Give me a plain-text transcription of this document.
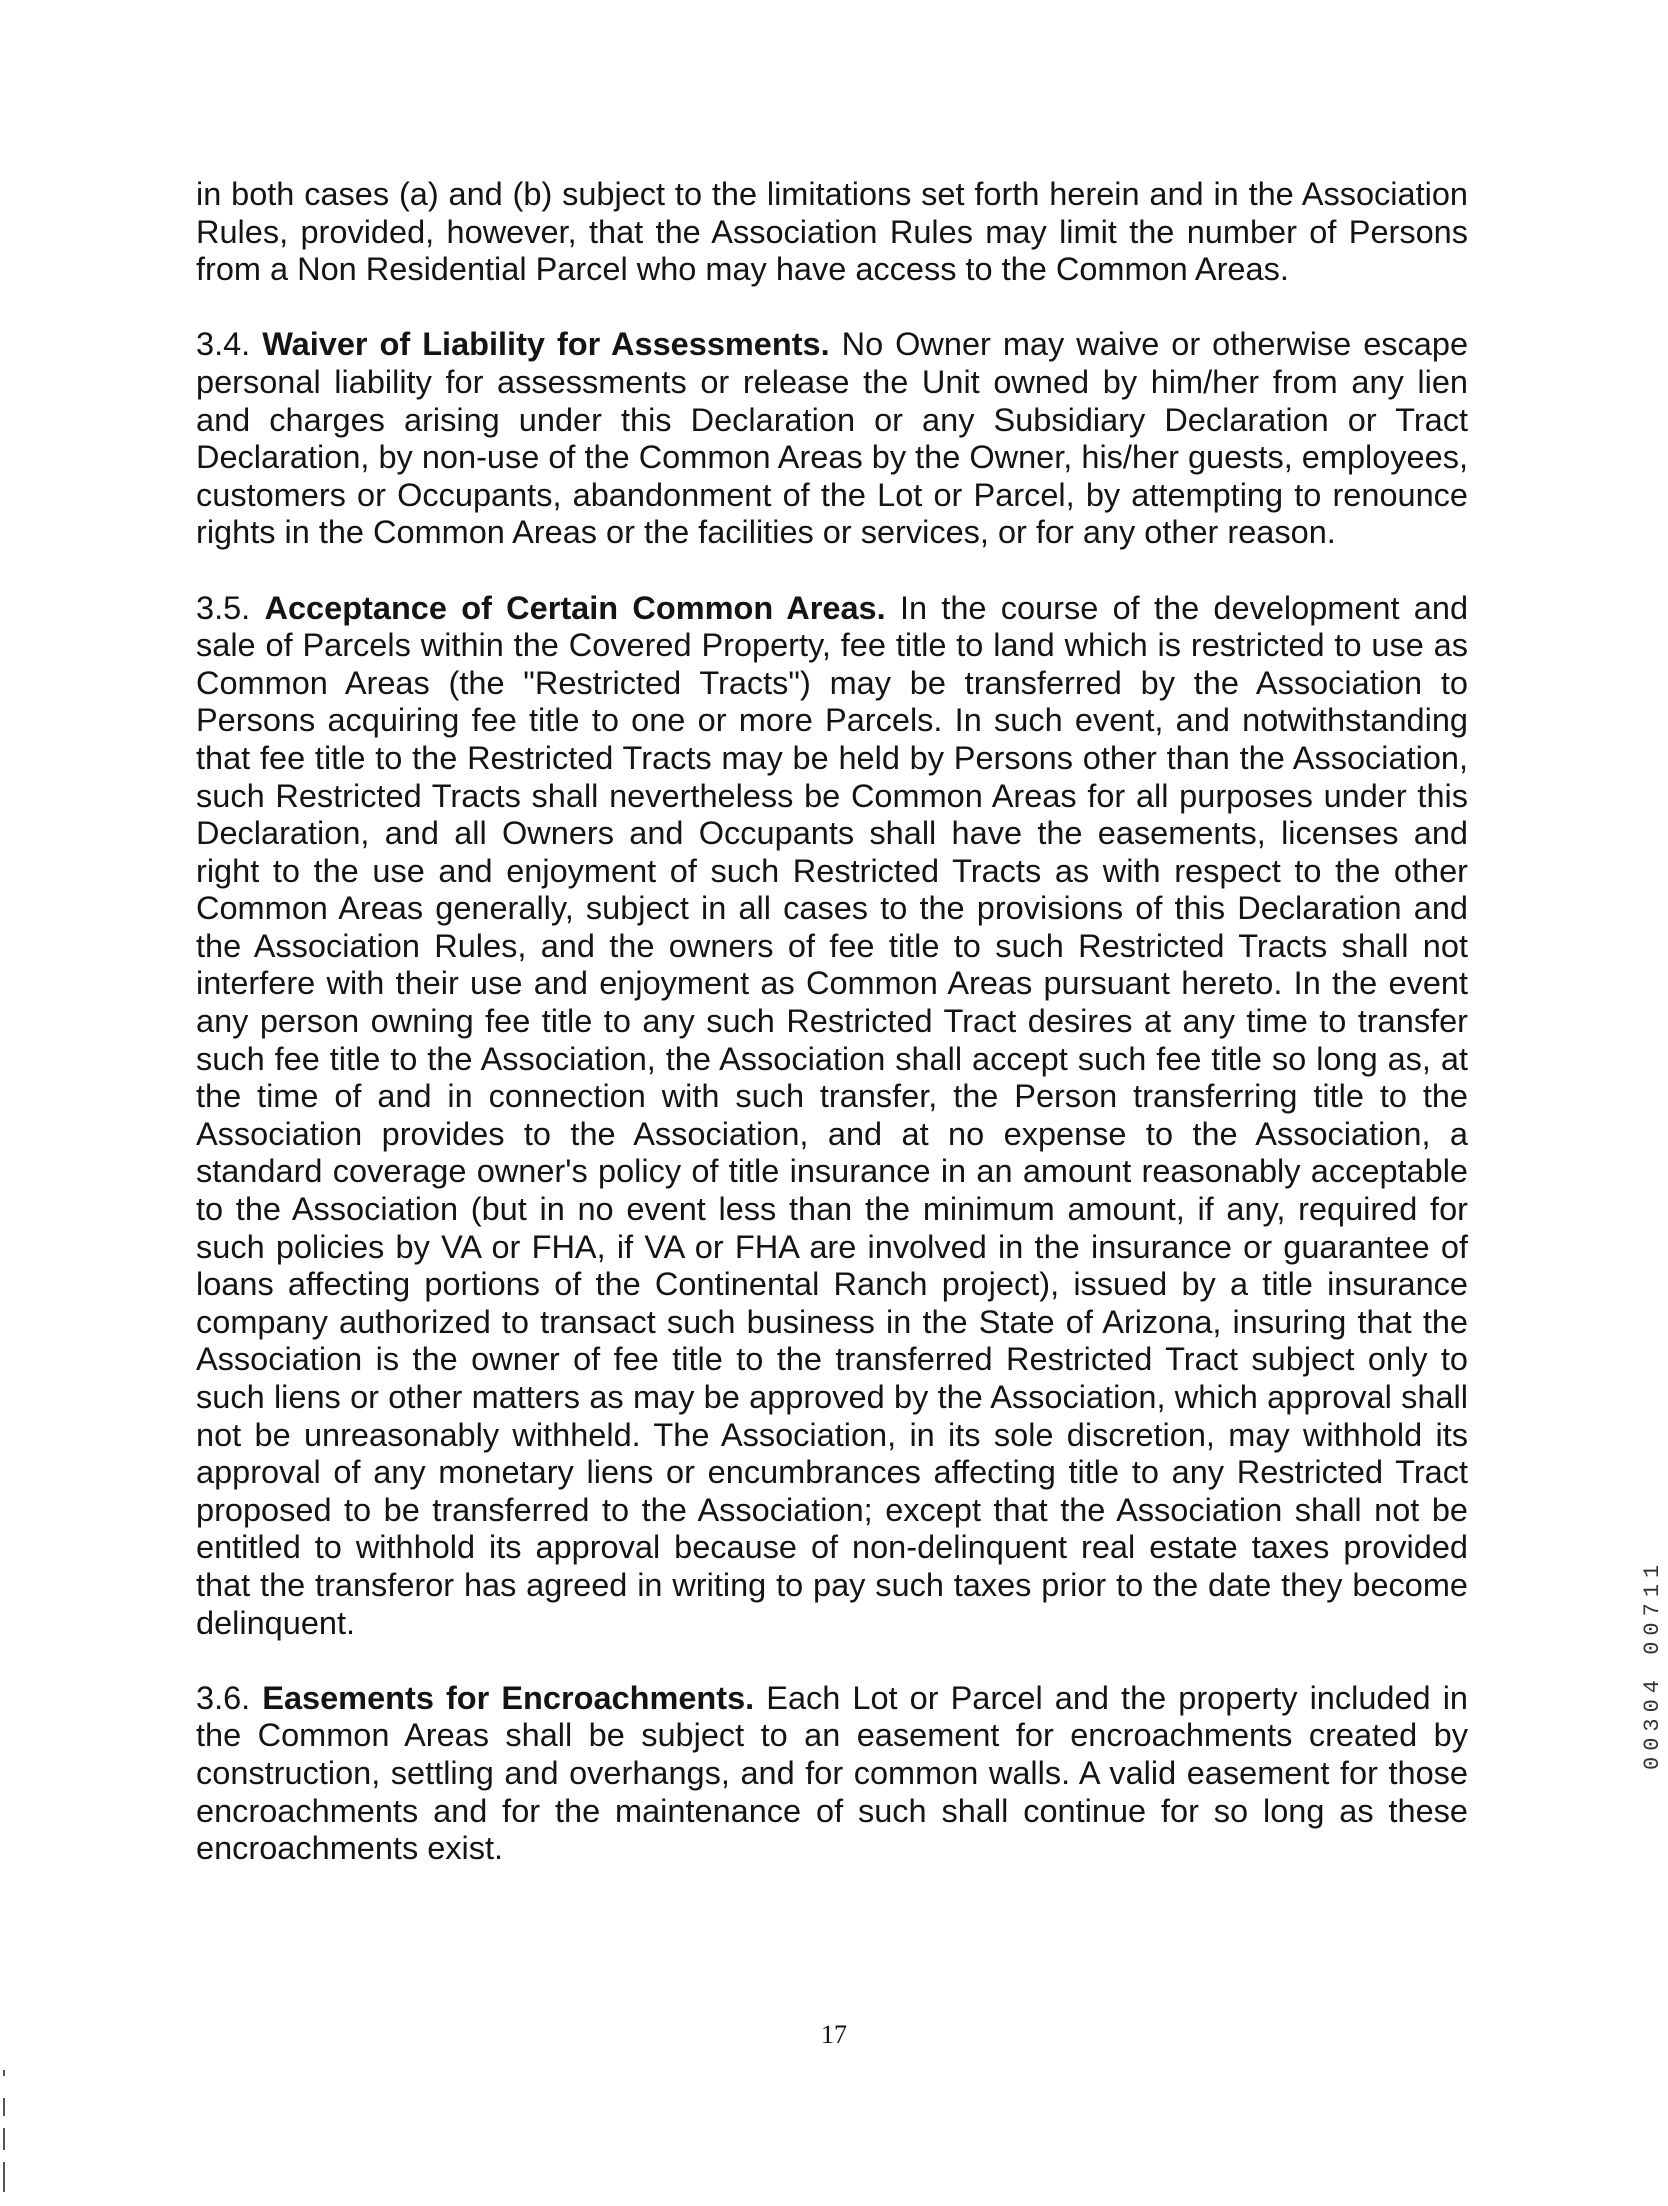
in both cases (a) and (b) subject to the limitations set forth herein and in the Association Rules, provided, however, that the Association Rules may limit the number of Persons from a Non Residential Parcel who may have access to the Common Areas.

3.4. Waiver of Liability for Assessments. No Owner may waive or otherwise escape personal liability for assessments or release the Unit owned by him/her from any lien and charges arising under this Declaration or any Subsidiary Declaration or Tract Declaration, by non-use of the Common Areas by the Owner, his/her guests, employees, customers or Occupants, abandonment of the Lot or Parcel, by attempting to renounce rights in the Common Areas or the facilities or services, or for any other reason.

3.5. Acceptance of Certain Common Areas. In the course of the development and sale of Parcels within the Covered Property, fee title to land which is restricted to use as Common Areas (the "Restricted Tracts") may be transferred by the Association to Persons acquiring fee title to one or more Parcels. In such event, and notwithstanding that fee title to the Restricted Tracts may be held by Persons other than the Association, such Restricted Tracts shall nevertheless be Common Areas for all purposes under this Declaration, and all Owners and Occupants shall have the easements, licenses and right to the use and enjoyment of such Restricted Tracts as with respect to the other Common Areas generally, subject in all cases to the provisions of this Declaration and the Association Rules, and the owners of fee title to such Restricted Tracts shall not interfere with their use and enjoyment as Common Areas pursuant hereto. In the event any person owning fee title to any such Restricted Tract desires at any time to transfer such fee title to the Association, the Association shall accept such fee title so long as, at the time of and in connection with such transfer, the Person transferring title to the Association provides to the Association, and at no expense to the Association, a standard coverage owner's policy of title insurance in an amount reasonably acceptable to the Association (but in no event less than the minimum amount, if any, required for such policies by VA or FHA, if VA or FHA are involved in the insurance or guarantee of loans affecting portions of the Continental Ranch project), issued by a title insurance company authorized to transact such business in the State of Arizona, insuring that the Association is the owner of fee title to the transferred Restricted Tract subject only to such liens or other matters as may be approved by the Association, which approval shall not be unreasonably withheld. The Association, in its sole discretion, may withhold its approval of any monetary liens or encumbrances affecting title to any Restricted Tract proposed to be transferred to the Association; except that the Association shall not be entitled to withhold its approval because of non-delinquent real estate taxes provided that the transferor has agreed in writing to pay such taxes prior to the date they become delinquent.

3.6. Easements for Encroachments. Each Lot or Parcel and the property included in the Common Areas shall be subject to an easement for encroachments created by construction, settling and overhangs, and for common walls. A valid easement for those encroachments and for the maintenance of such shall continue for so long as these encroachments exist.

00304 00711
17
